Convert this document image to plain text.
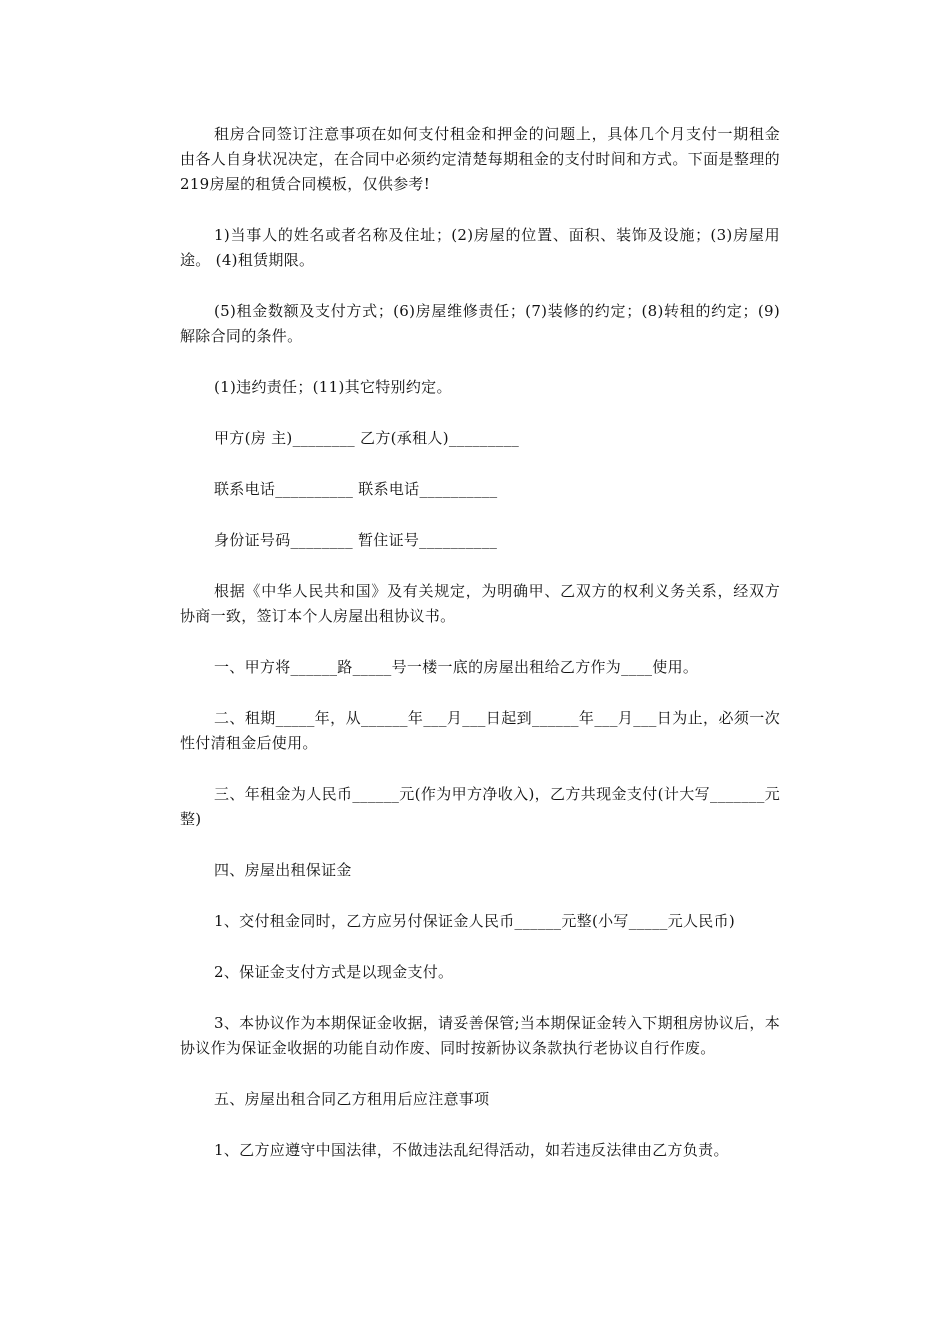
租房合同签订注意事项在如何支付租金和押金的问题上，具体几个月支付一期租金由各人自身状况决定，在合同中必须约定清楚每期租金的支付时间和方式。下面是整理的219房屋的租赁合同模板，仅供参考!

1)当事人的姓名或者名称及住址；(2)房屋的位置、面积、装饰及设施；(3)房屋用途。 (4)租赁期限。

(5)租金数额及支付方式；(6)房屋维修责任；(7)装修的约定；(8)转租的约定；(9)解除合同的条件。

(1)违约责任；(11)其它特别约定。

甲方(房 主)________ 乙方(承租人)_________

联系电话__________ 联系电话__________

身份证号码________ 暂住证号__________

根据《中华人民共和国》及有关规定，为明确甲、乙双方的权利义务关系，经双方协商一致，签订本个人房屋出租协议书。

一、甲方将______路_____号一楼一底的房屋出租给乙方作为____使用。

二、租期_____年，从______年___月___日起到______年___月___日为止，必须一次性付清租金后使用。

三、年租金为人民币______元(作为甲方净收入)，乙方共现金支付(计大写_______元整)

四、房屋出租保证金

1、交付租金同时，乙方应另付保证金人民币______元整(小写_____元人民币)

2、保证金支付方式是以现金支付。

3、本协议作为本期保证金收据，请妥善保管;当本期保证金转入下期租房协议后，本协议作为保证金收据的功能自动作废、同时按新协议条款执行老协议自行作废。

五、房屋出租合同乙方租用后应注意事项

1、乙方应遵守中国法律，不做违法乱纪得活动，如若违反法律由乙方负责。
